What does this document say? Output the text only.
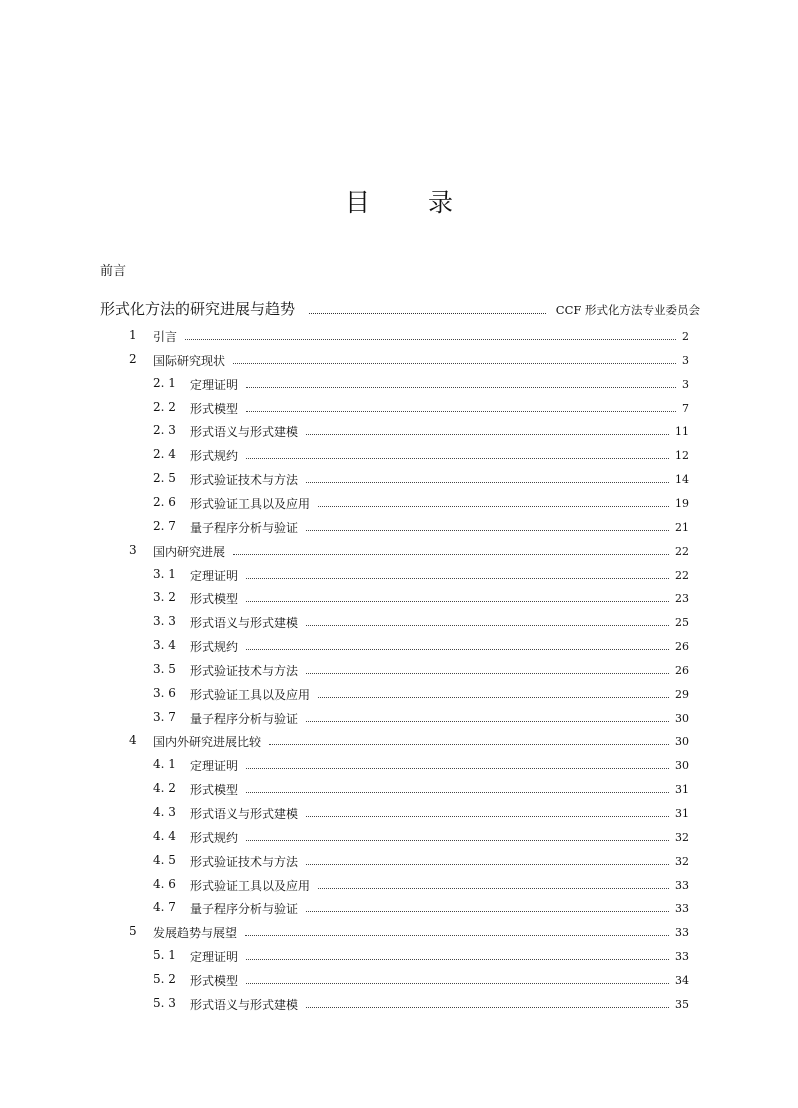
目 录
前言
形式化方法的研究进展与趋势	CCF 形式化方法专业委员会
1 引言	2
2 国际研究现状	3
2. 1 定理证明	3
2. 2 形式模型	7
2. 3 形式语义与形式建模	11
2. 4 形式规约	12
2. 5 形式验证技术与方法	14
2. 6 形式验证工具以及应用	19
2. 7 量子程序分析与验证	21
3 国内研究进展	22
3. 1 定理证明	22
3. 2 形式模型	23
3. 3 形式语义与形式建模	25
3. 4 形式规约	26
3. 5 形式验证技术与方法	26
3. 6 形式验证工具以及应用	29
3. 7 量子程序分析与验证	30
4 国内外研究进展比较	30
4. 1 定理证明	30
4. 2 形式模型	31
4. 3 形式语义与形式建模	31
4. 4 形式规约	32
4. 5 形式验证技术与方法	32
4. 6 形式验证工具以及应用	33
4. 7 量子程序分析与验证	33
5 发展趋势与展望	33
5. 1 定理证明	33
5. 2 形式模型	34
5. 3 形式语义与形式建模	35
